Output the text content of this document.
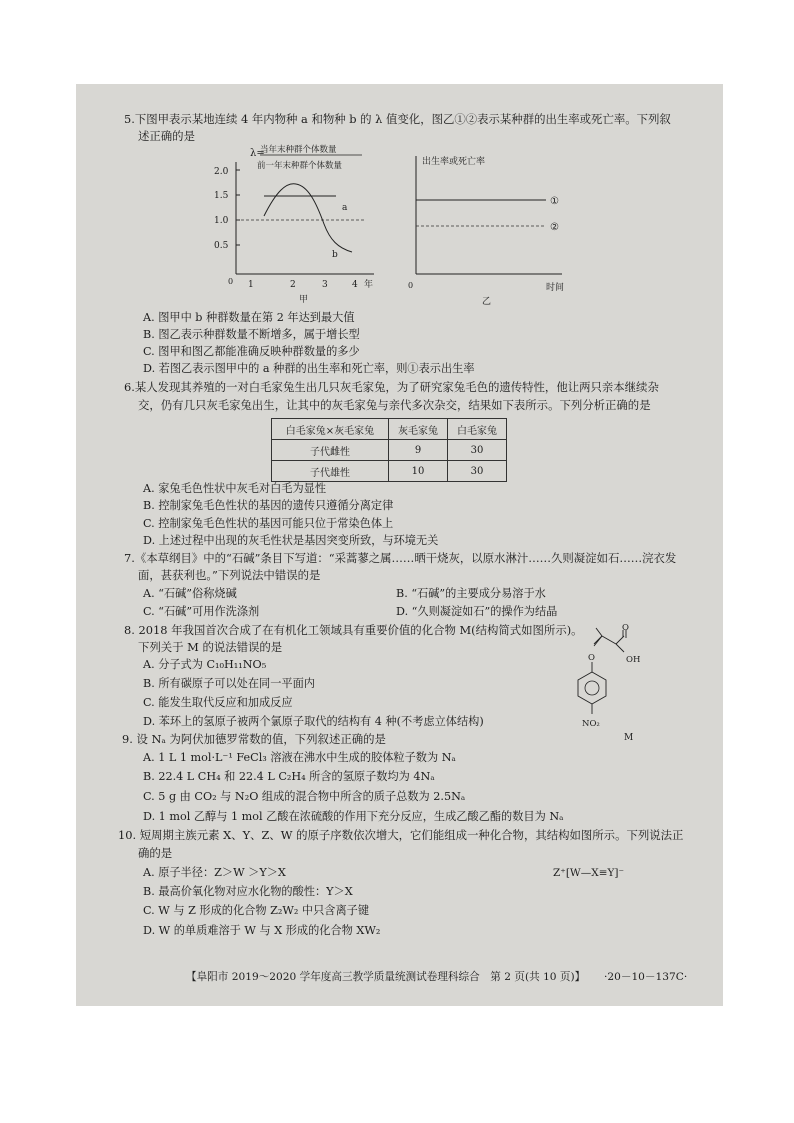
5.下图甲表示某地连续 4 年内物种 a 和物种 b 的 λ 值变化，图乙①②表示某种群的出生率或死亡率。下列叙
述正确的是
λ=
当年末种群个体数量
前一年末种群个体数量
2.0
1.5
1.0
0.5
a
b
1	2	3	4 年
0
甲
出生率或死亡率
①
②
0	时间
乙
A. 图甲中 b 种群数量在第 2 年达到最大值
B. 图乙表示种群数量不断增多，属于增长型
C. 图甲和图乙都能准确反映种群数量的多少
D. 若图乙表示图甲中的 a 种群的出生率和死亡率，则①表示出生率
6.某人发现其养殖的一对白毛家兔生出几只灰毛家兔，为了研究家兔毛色的遗传特性，他让两只亲本继续杂
交，仍有几只灰毛家兔出生，让其中的灰毛家兔与亲代多次杂交，结果如下表所示。下列分析正确的是
白毛家兔×灰毛家兔	灰毛家兔	白毛家兔
子代雌性	9	30
子代雄性	10	30
A. 家兔毛色性状中灰毛对白毛为显性
B. 控制家兔毛色性状的基因的遗传只遵循分离定律
C. 控制家兔毛色性状的基因可能只位于常染色体上
D. 上述过程中出现的灰毛性状是基因突变所致，与环境无关
7.《本草纲目》中的“石碱”条目下写道：“采蒿蓼之属……晒干烧灰，以原水淋汁……久则凝淀如石……浣衣发
面，甚获利也。”下列说法中错误的是
A. “石碱”俗称烧碱	B. “石碱”的主要成分易溶于水
C. “石碱”可用作洗涤剂	D. “久则凝淀如石”的操作为结晶
8. 2018 年我国首次合成了在有机化工领域具有重要价值的化合物 M(结构简式如图所示)。
下列关于 M 的说法错误的是
A. 分子式为 C₁₀H₁₁NO₅
B. 所有碳原子可以处在同一平面内
C. 能发生取代反应和加成反应
D. 苯环上的氢原子被两个氯原子取代的结构有 4 种(不考虑立体结构)
O
OH
O
NO₂
M
9. 设 Nₐ 为阿伏加德罗常数的值，下列叙述正确的是
A. 1 L 1 mol·L⁻¹ FeCl₃ 溶液在沸水中生成的胶体粒子数为 Nₐ
B. 22.4 L CH₄ 和 22.4 L C₂H₄ 所含的氢原子数均为 4Nₐ
C. 5 g 由 CO₂ 与 N₂O 组成的混合物中所含的质子总数为 2.5Nₐ
D. 1 mol 乙醇与 1 mol 乙酸在浓硫酸的作用下充分反应，生成乙酸乙酯的数目为 Nₐ
10. 短周期主族元素 X、Y、Z、W 的原子序数依次增大，它们能组成一种化合物，其结构如图所示。下列说法正
确的是
Z⁺[W—X≡Y]⁻
A. 原子半径：Z＞W ＞Y＞X
B. 最高价氧化物对应水化物的酸性：Y＞X
C. W 与 Z 形成的化合物 Z₂W₂ 中只含离子键
D. W 的单质难溶于 W 与 X 形成的化合物 XW₂
【阜阳市 2019～2020 学年度高三教学质量统测试卷理科综合　第 2 页(共 10 页)】 ·20－10－137C·
